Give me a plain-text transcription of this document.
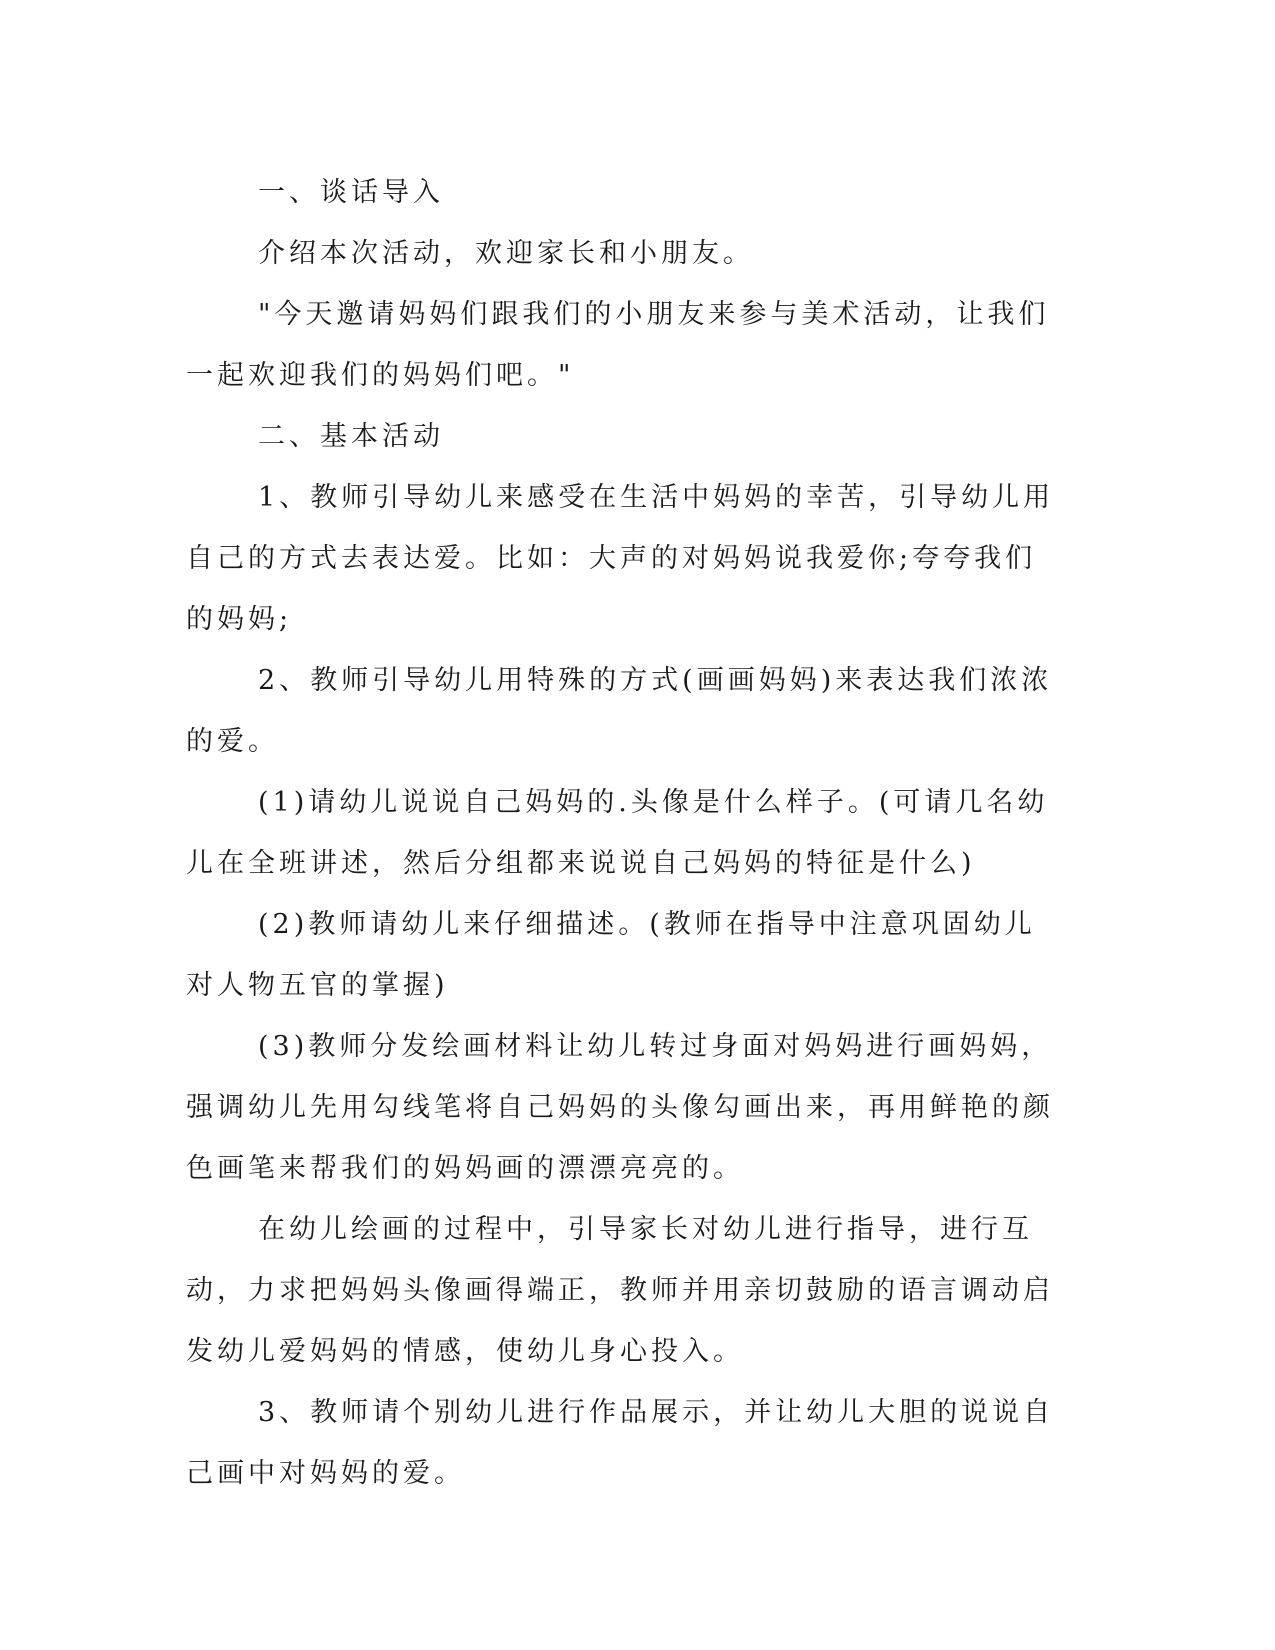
一、谈话导入

介绍本次活动，欢迎家长和小朋友。

"今天邀请妈妈们跟我们的小朋友来参与美术活动，让我们一起欢迎我们的妈妈们吧。"

二、基本活动

1、教师引导幼儿来感受在生活中妈妈的幸苦，引导幼儿用自己的方式去表达爱。比如：大声的对妈妈说我爱你;夸夸我们的妈妈;

2、教师引导幼儿用特殊的方式(画画妈妈)来表达我们浓浓的爱。

(1)请幼儿说说自己妈妈的.头像是什么样子。(可请几名幼儿在全班讲述，然后分组都来说说自己妈妈的特征是什么)

(2)教师请幼儿来仔细描述。(教师在指导中注意巩固幼儿对人物五官的掌握)

(3)教师分发绘画材料让幼儿转过身面对妈妈进行画妈妈，强调幼儿先用勾线笔将自己妈妈的头像勾画出来，再用鲜艳的颜色画笔来帮我们的妈妈画的漂漂亮亮的。

在幼儿绘画的过程中，引导家长对幼儿进行指导，进行互动，力求把妈妈头像画得端正，教师并用亲切鼓励的语言调动启发幼儿爱妈妈的情感，使幼儿身心投入。

3、教师请个别幼儿进行作品展示，并让幼儿大胆的说说自己画中对妈妈的爱。
